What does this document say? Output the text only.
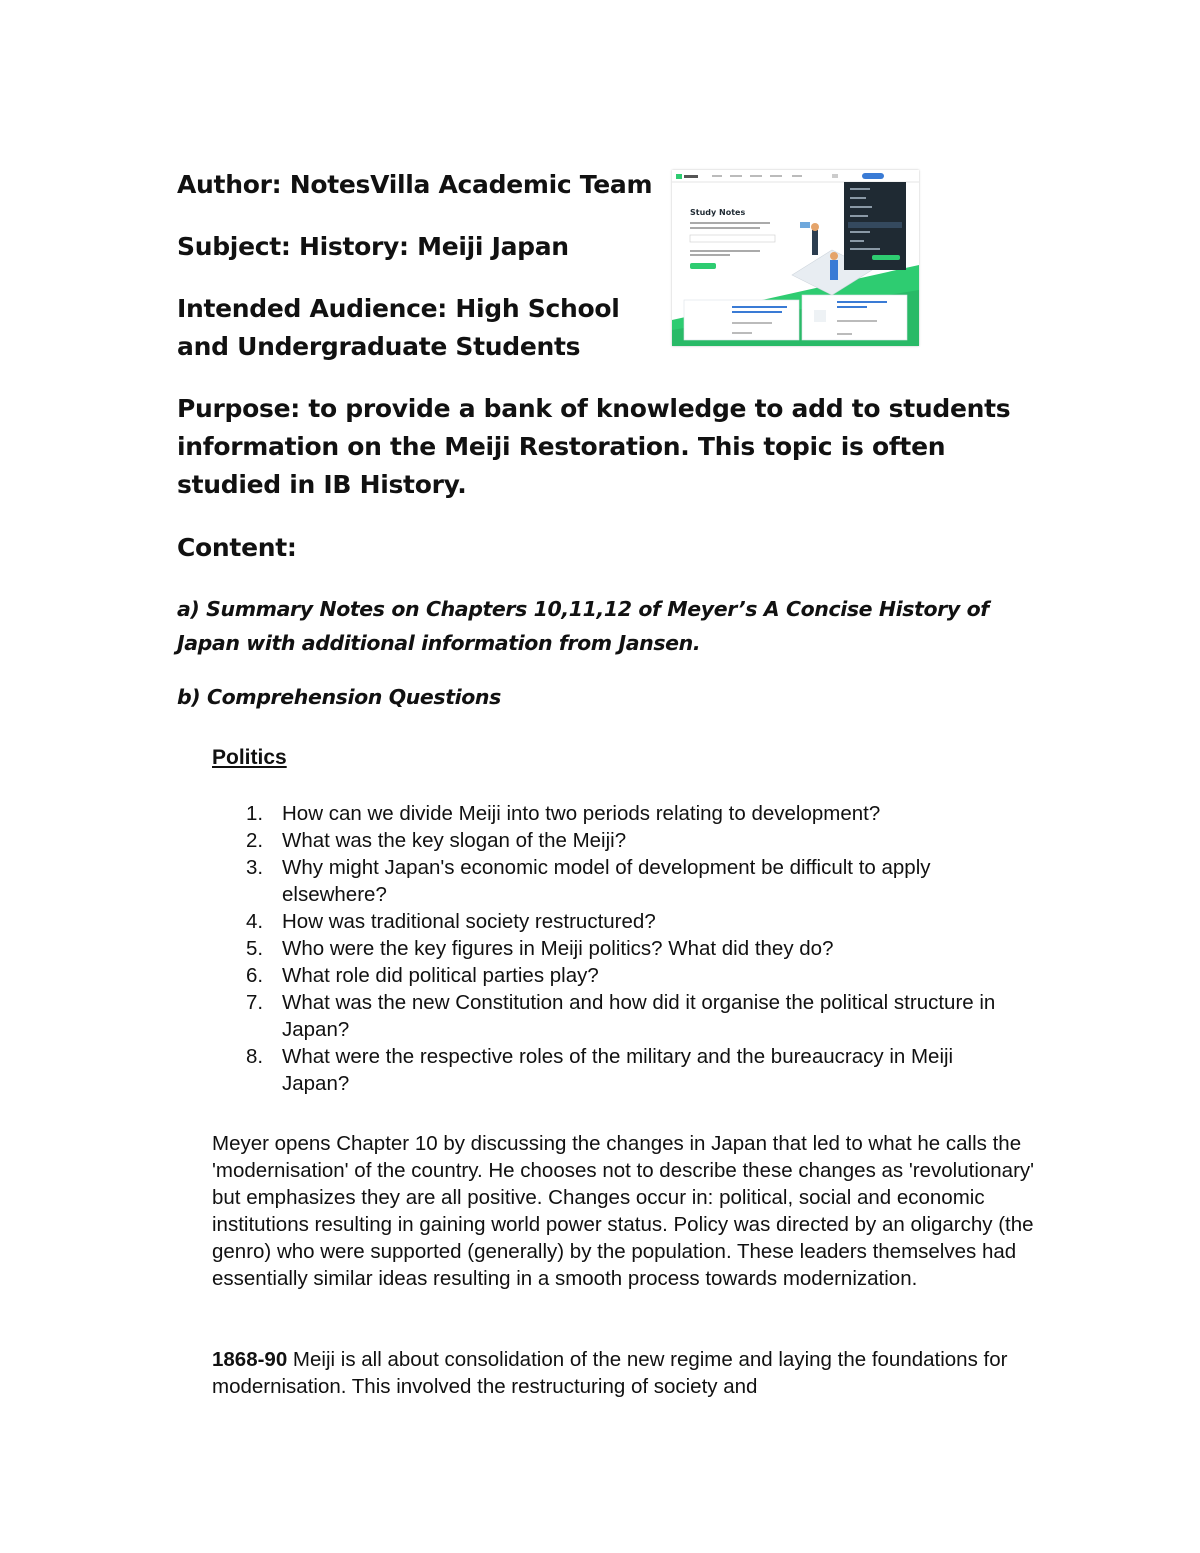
Author: NotesVilla Academic Team

Subject: History: Meiji Japan

Intended Audience: High School and Undergraduate Students

Purpose: to provide a bank of knowledge to add to students information on the Meiji Restoration. This topic is often studied in IB History.

Content:

a) Summary Notes on Chapters 10,11,12 of Meyer’s A Concise History of Japan with additional information from Jansen.

b) Comprehension Questions

Study Notes

Politics

1. How can we divide Meiji into two periods relating to development?
2. What was the key slogan of the Meiji?
3. Why might Japan's economic model of development be difficult to apply elsewhere?
4. How was traditional society restructured?
5. Who were the key figures in Meiji politics? What did they do?
6. What role did political parties play?
7. What was the new Constitution and how did it organise the political structure in Japan?
8. What were the respective roles of the military and the bureaucracy in Meiji Japan?

Meyer opens Chapter 10 by discussing the changes in Japan that led to what he calls the 'modernisation' of the country. He chooses not to describe these changes as 'revolutionary' but emphasizes they are all positive. Changes occur in: political, social and economic institutions resulting in gaining world power status. Policy was directed by an oligarchy (the genro) who were supported (generally) by the population. These leaders themselves had essentially similar ideas resulting in a smooth process towards modernization.

1868-90 Meiji is all about consolidation of the new regime and laying the foundations for modernisation. This involved the restructuring of society and
